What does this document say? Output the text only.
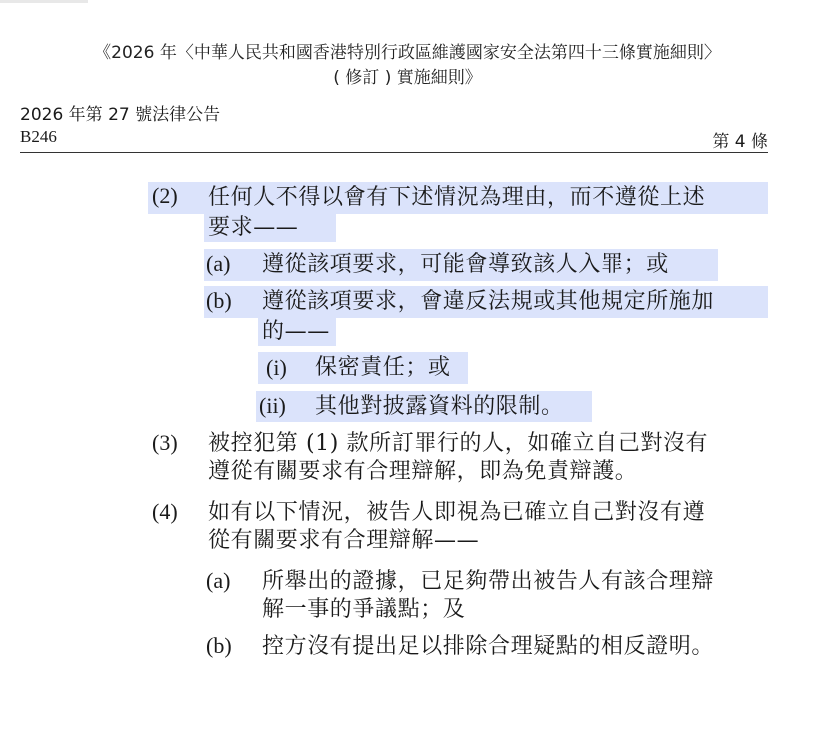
《2026 年〈中華人民共和國香港特別行政區維護國家安全法第四十三條實施細則〉
( 修訂 ) 實施細則》
2026 年第 27 號法律公告
B246	第 4 條
(2) 任何人不得以會有下述情況為理由，而不遵從上述
要求——
(a) 遵從該項要求，可能會導致該人入罪；或
(b) 遵從該項要求，會違反法規或其他規定所施加
的——
(i) 保密責任；或
(ii) 其他對披露資料的限制。
(3) 被控犯第 (1) 款所訂罪行的人，如確立自己對沒有
遵從有關要求有合理辯解，即為免責辯護。
(4) 如有以下情況，被告人即視為已確立自己對沒有遵
從有關要求有合理辯解——
(a) 所舉出的證據，已足夠帶出被告人有該合理辯
解一事的爭議點；及
(b) 控方沒有提出足以排除合理疑點的相反證明。
